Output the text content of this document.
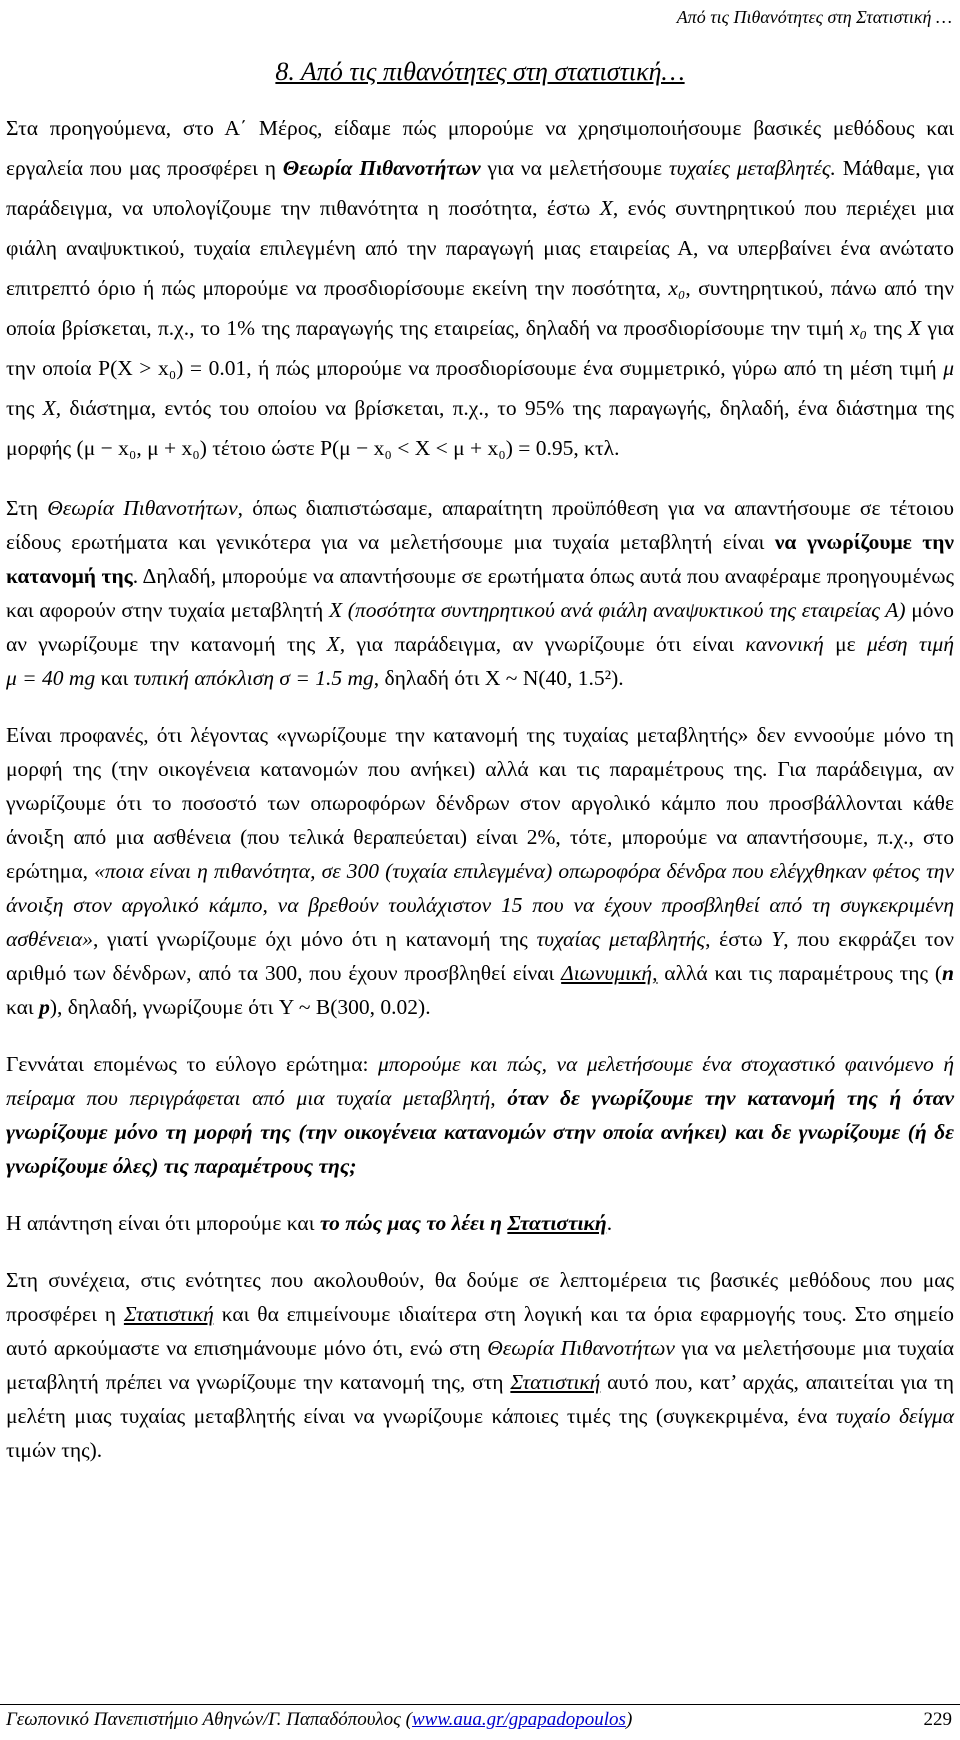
Από τις Πιθανότητες στη Στατιστική …
8. Από τις πιθανότητες στη στατιστική…

Στα προηγούμενα, στο Α΄ Μέρος, είδαμε πώς μπορούμε να χρησιμοποιήσουμε βασικές μεθόδους και εργαλεία που μας προσφέρει η Θεωρία Πιθανοτήτων για να μελετήσουμε τυχαίες μεταβλητές. Μάθαμε, για παράδειγμα, να υπολογίζουμε την πιθανότητα η ποσότητα, έστω X, ενός συντηρητικού που περιέχει μια φιάλη αναψυκτικού, τυχαία επιλεγμένη από την παραγωγή μιας εταιρείας Α, να υπερβαίνει ένα ανώτατο επιτρεπτό όριο ή πώς μπορούμε να προσδιορίσουμε εκείνη την ποσότητα, x₀, συντηρητικού, πάνω από την οποία βρίσκεται, π.χ., το 1% της παραγωγής της εταιρείας, δηλαδή να προσδιορίσουμε την τιμή x₀ της X για την οποία P(X > x₀) = 0.01, ή πώς μπορούμε να προσδιορίσουμε ένα συμμετρικό, γύρω από τη μέση τιμή μ της X, διάστημα, εντός του οποίου να βρίσκεται, π.χ., το 95% της παραγωγής, δηλαδή, ένα διάστημα της μορφής (μ − x₀, μ + x₀) τέτοιο ώστε P(μ − x₀ < X < μ + x₀) = 0.95, κτλ.

Στη Θεωρία Πιθανοτήτων, όπως διαπιστώσαμε, απαραίτητη προϋπόθεση για να απαντήσουμε σε τέτοιου είδους ερωτήματα και γενικότερα για να μελετήσουμε μια τυχαία μεταβλητή είναι να γνωρίζουμε την κατανομή της. Δηλαδή, μπορούμε να απαντήσουμε σε ερωτήματα όπως αυτά που αναφέραμε προηγουμένως και αφορούν στην τυχαία μεταβλητή X (ποσότητα συντηρητικού ανά φιάλη αναψυκτικού της εταιρείας Α) μόνο αν γνωρίζουμε την κατανομή της X, για παράδειγμα, αν γνωρίζουμε ότι είναι κανονική με μέση τιμή μ = 40 mg και τυπική απόκλιση σ = 1.5 mg, δηλαδή ότι X ~ N(40, 1.5²).

Είναι προφανές, ότι λέγοντας «γνωρίζουμε την κατανομή της τυχαίας μεταβλητής» δεν εννοούμε μόνο τη μορφή της (την οικογένεια κατανομών που ανήκει) αλλά και τις παραμέτρους της. Για παράδειγμα, αν γνωρίζουμε ότι το ποσοστό των οπωροφόρων δένδρων στον αργολικό κάμπο που προσβάλλονται κάθε άνοιξη από μια ασθένεια (που τελικά θεραπεύεται) είναι 2%, τότε, μπορούμε να απαντήσουμε, π.χ., στο ερώτημα, «ποια είναι η πιθανότητα, σε 300 (τυχαία επιλεγμένα) οπωροφόρα δένδρα που ελέγχθηκαν φέτος την άνοιξη στον αργολικό κάμπο, να βρεθούν τουλάχιστον 15 που να έχουν προσβληθεί από τη συγκεκριμένη ασθένεια», γιατί γνωρίζουμε όχι μόνο ότι η κατανομή της τυχαίας μεταβλητής, έστω Y, που εκφράζει τον αριθμό των δένδρων, από τα 300, που έχουν προσβληθεί είναι Διωνυμική, αλλά και τις παραμέτρους της (n και p), δηλαδή, γνωρίζουμε ότι Y ~ B(300, 0.02).

Γεννάται επομένως το εύλογο ερώτημα: μπορούμε και πώς, να μελετήσουμε ένα στοχαστικό φαινόμενο ή πείραμα που περιγράφεται από μια τυχαία μεταβλητή, όταν δε γνωρίζουμε την κατανομή της ή όταν γνωρίζουμε μόνο τη μορφή της (την οικογένεια κατανομών στην οποία ανήκει) και δε γνωρίζουμε (ή δε γνωρίζουμε όλες) τις παραμέτρους της;

Η απάντηση είναι ότι μπορούμε και το πώς μας το λέει η Στατιστική.

Στη συνέχεια, στις ενότητες που ακολουθούν, θα δούμε σε λεπτομέρεια τις βασικές μεθόδους που μας προσφέρει η Στατιστική και θα επιμείνουμε ιδιαίτερα στη λογική και τα όρια εφαρμογής τους. Στο σημείο αυτό αρκούμαστε να επισημάνουμε μόνο ότι, ενώ στη Θεωρία Πιθανοτήτων για να μελετήσουμε μια τυχαία μεταβλητή πρέπει να γνωρίζουμε την κατανομή της, στη Στατιστική αυτό που, κατ’ αρχάς, απαιτείται για τη μελέτη μιας τυχαίας μεταβλητής είναι να γνωρίζουμε κάποιες τιμές της (συγκεκριμένα, ένα τυχαίο δείγμα τιμών της).

Γεωπονικό Πανεπιστήμιο Αθηνών/Γ. Παπαδόπουλος (www.aua.gr/gpapadopoulos)	229
